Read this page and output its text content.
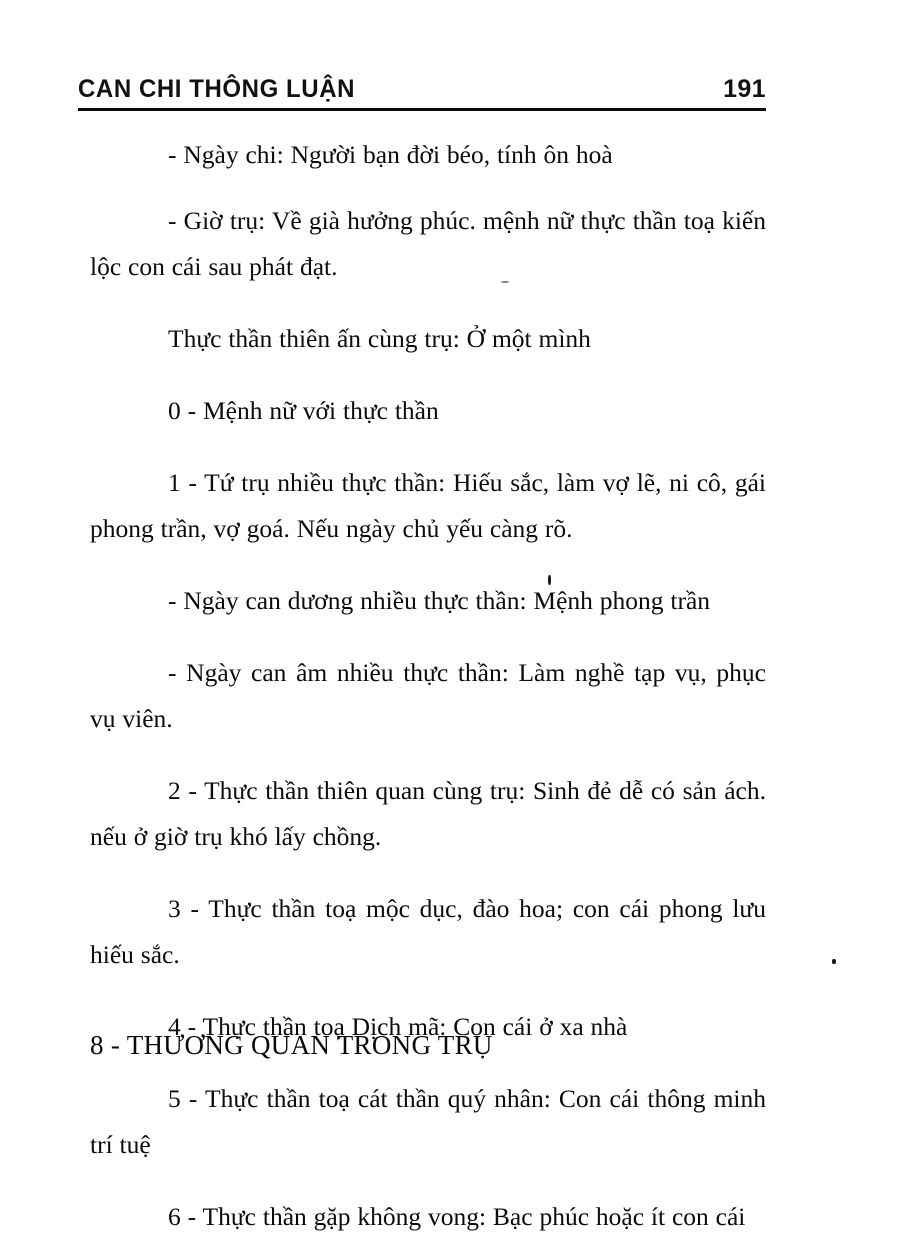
CAN CHI THÔNG LUẬN	191

- Ngày chi: Người bạn đời béo, tính ôn hoà

- Giờ trụ: Về già hưởng phúc. mệnh nữ thực thần toạ kiến lộc con cái sau phát đạt.

Thực thần thiên ấn cùng trụ: Ở một mình

0 - Mệnh nữ với thực thần

1 - Tứ trụ nhiều thực thần: Hiếu sắc, làm vợ lẽ, ni cô, gái phong trần, vợ goá. Nếu ngày chủ yếu càng rõ.

- Ngày can dương nhiều thực thần: Mệnh phong trần

- Ngày can âm nhiều thực thần: Làm nghề tạp vụ, phục vụ viên.

2 - Thực thần thiên quan cùng trụ: Sinh đẻ dễ có sản ách. nếu ở giờ trụ khó lấy chồng.

3 - Thực thần toạ mộc dục, đào hoa; con cái phong lưu hiếu sắc.

4 - Thực thần toạ Dịch mã: Con cái ở xa nhà

5 - Thực thần toạ cát thần quý nhân: Con cái thông minh trí tuệ

6 - Thực thần gặp không vong: Bạc phúc hoặc ít con cái

8 - THƯƠNG QUAN TRONG TRỤ
